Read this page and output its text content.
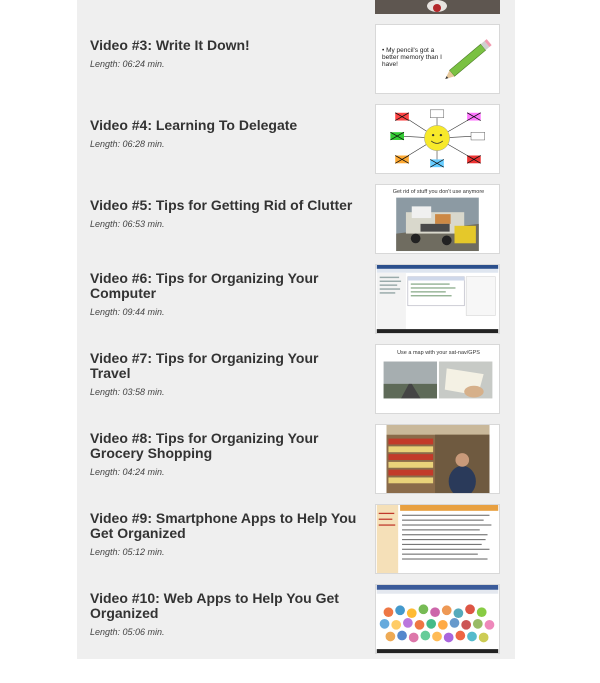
Video #3: Write It Down!
Length: 06:24 min.
• My pencil's got a better memory than I have!
Video #4: Learning To Delegate
Length: 06:28 min.
Video #5: Tips for Getting Rid of Clutter
Length: 06:53 min.
Get rid of stuff you don't use anymore
Video #6: Tips for Organizing Your Computer
Length: 09:44 min.
Video #7: Tips for Organizing Your Travel
Length: 03:58 min.
Use a map with your sat-nav/GPS
Video #8: Tips for Organizing Your Grocery Shopping
Length: 04:24 min.
Video #9: Smartphone Apps to Help You Get Organized
Length: 05:12 min.
Video #10: Web Apps to Help You Get Organized
Length: 05:06 min.
